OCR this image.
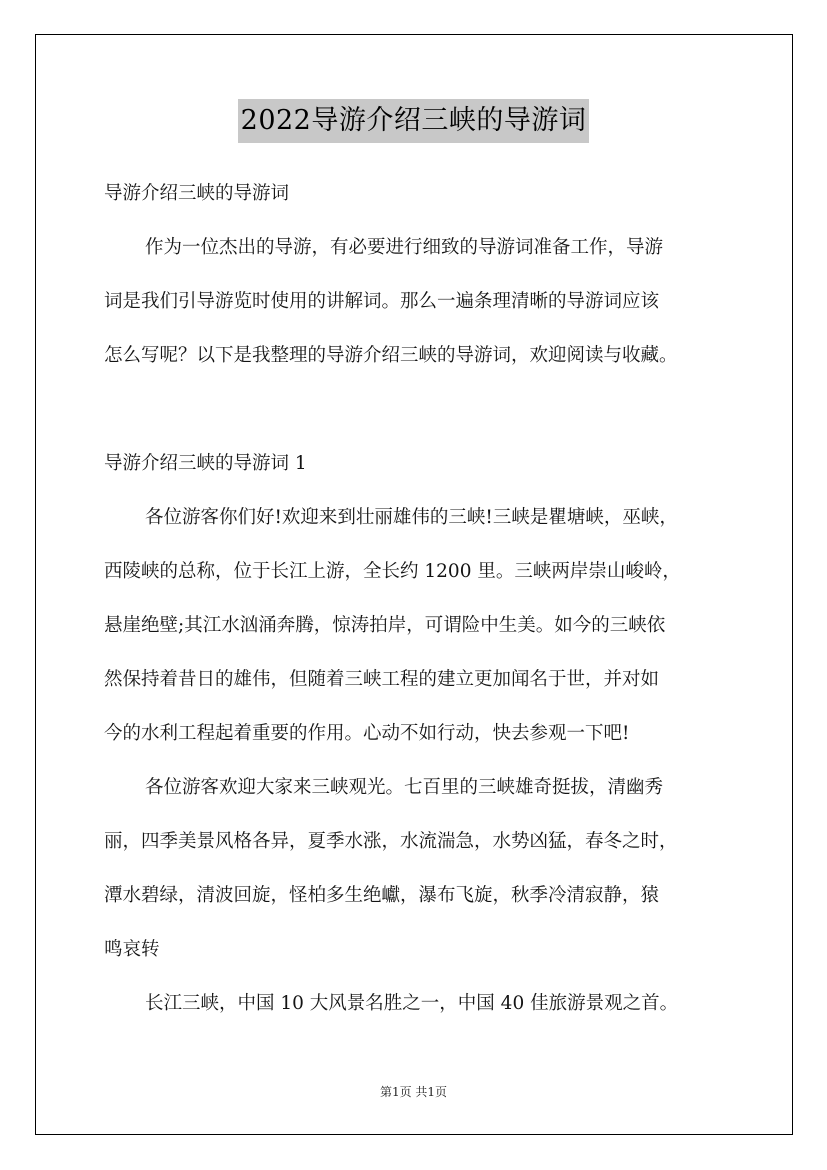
2022导游介绍三峡的导游词
导游介绍三峡的导游词
作为一位杰出的导游，有必要进行细致的导游词准备工作，导游
词是我们引导游览时使用的讲解词。那么一遍条理清晰的导游词应该
怎么写呢？以下是我整理的导游介绍三峡的导游词，欢迎阅读与收藏。
导游介绍三峡的导游词 1
各位游客你们好!欢迎来到壮丽雄伟的三峡!三峡是瞿塘峡，巫峡，
西陵峡的总称，位于长江上游，全长约 1200 里。三峡两岸崇山峻岭，
悬崖绝壁;其江水汹涌奔腾，惊涛拍岸，可谓险中生美。如今的三峡依
然保持着昔日的雄伟，但随着三峡工程的建立更加闻名于世，并对如
今的水利工程起着重要的作用。心动不如行动，快去参观一下吧!
各位游客欢迎大家来三峡观光。七百里的三峡雄奇挺拔，清幽秀
丽，四季美景风格各异，夏季水涨，水流湍急，水势凶猛，春冬之时，
潭水碧绿，清波回旋，怪柏多生绝巘，瀑布飞旋，秋季冷清寂静，猿
鸣哀转
长江三峡，中国 10 大风景名胜之一，中国 40 佳旅游景观之首。
第1页 共1页
